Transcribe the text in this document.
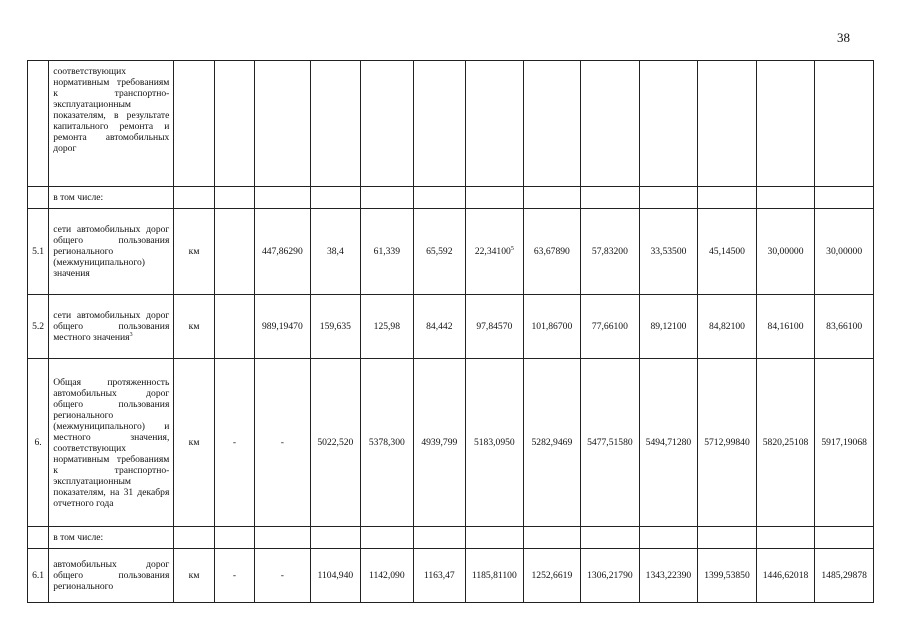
38
	соответствующих нормативным требованиям к транспортно-эксплуатационным показателям, в результате капитального ремонта и ремонта автомобильных дорог													
	в том числе:													
5.1	сети автомобильных дорог общего пользования регионального (межмуниципального) значения	км		447,86290	38,4	61,339	65,592	22,34100$^5$	63,67890	57,83200	33,53500	45,14500	30,00000	30,00000
5.2	сети автомобильных дорог общего пользования местного значения$^3$	км		989,19470	159,635	125,98	84,442	97,84570	101,86700	77,66100	89,12100	84,82100	84,16100	83,66100
6.	Общая протяженность автомобильных дорог общего пользования регионального (межмуниципального) и местного значения, соответствующих нормативным требованиям к транспортно-эксплуатационным показателям, на 31 декабря отчетного года	км	-	-	5022,520	5378,300	4939,799	5183,0950	5282,9469	5477,51580	5494,71280	5712,99840	5820,25108	5917,19068
	в том числе:													
6.1	автомобильных дорог общего пользования регионального	км	-	-	1104,940	1142,090	1163,47	1185,81100	1252,6619	1306,21790	1343,22390	1399,53850	1446,62018	1485,29878
